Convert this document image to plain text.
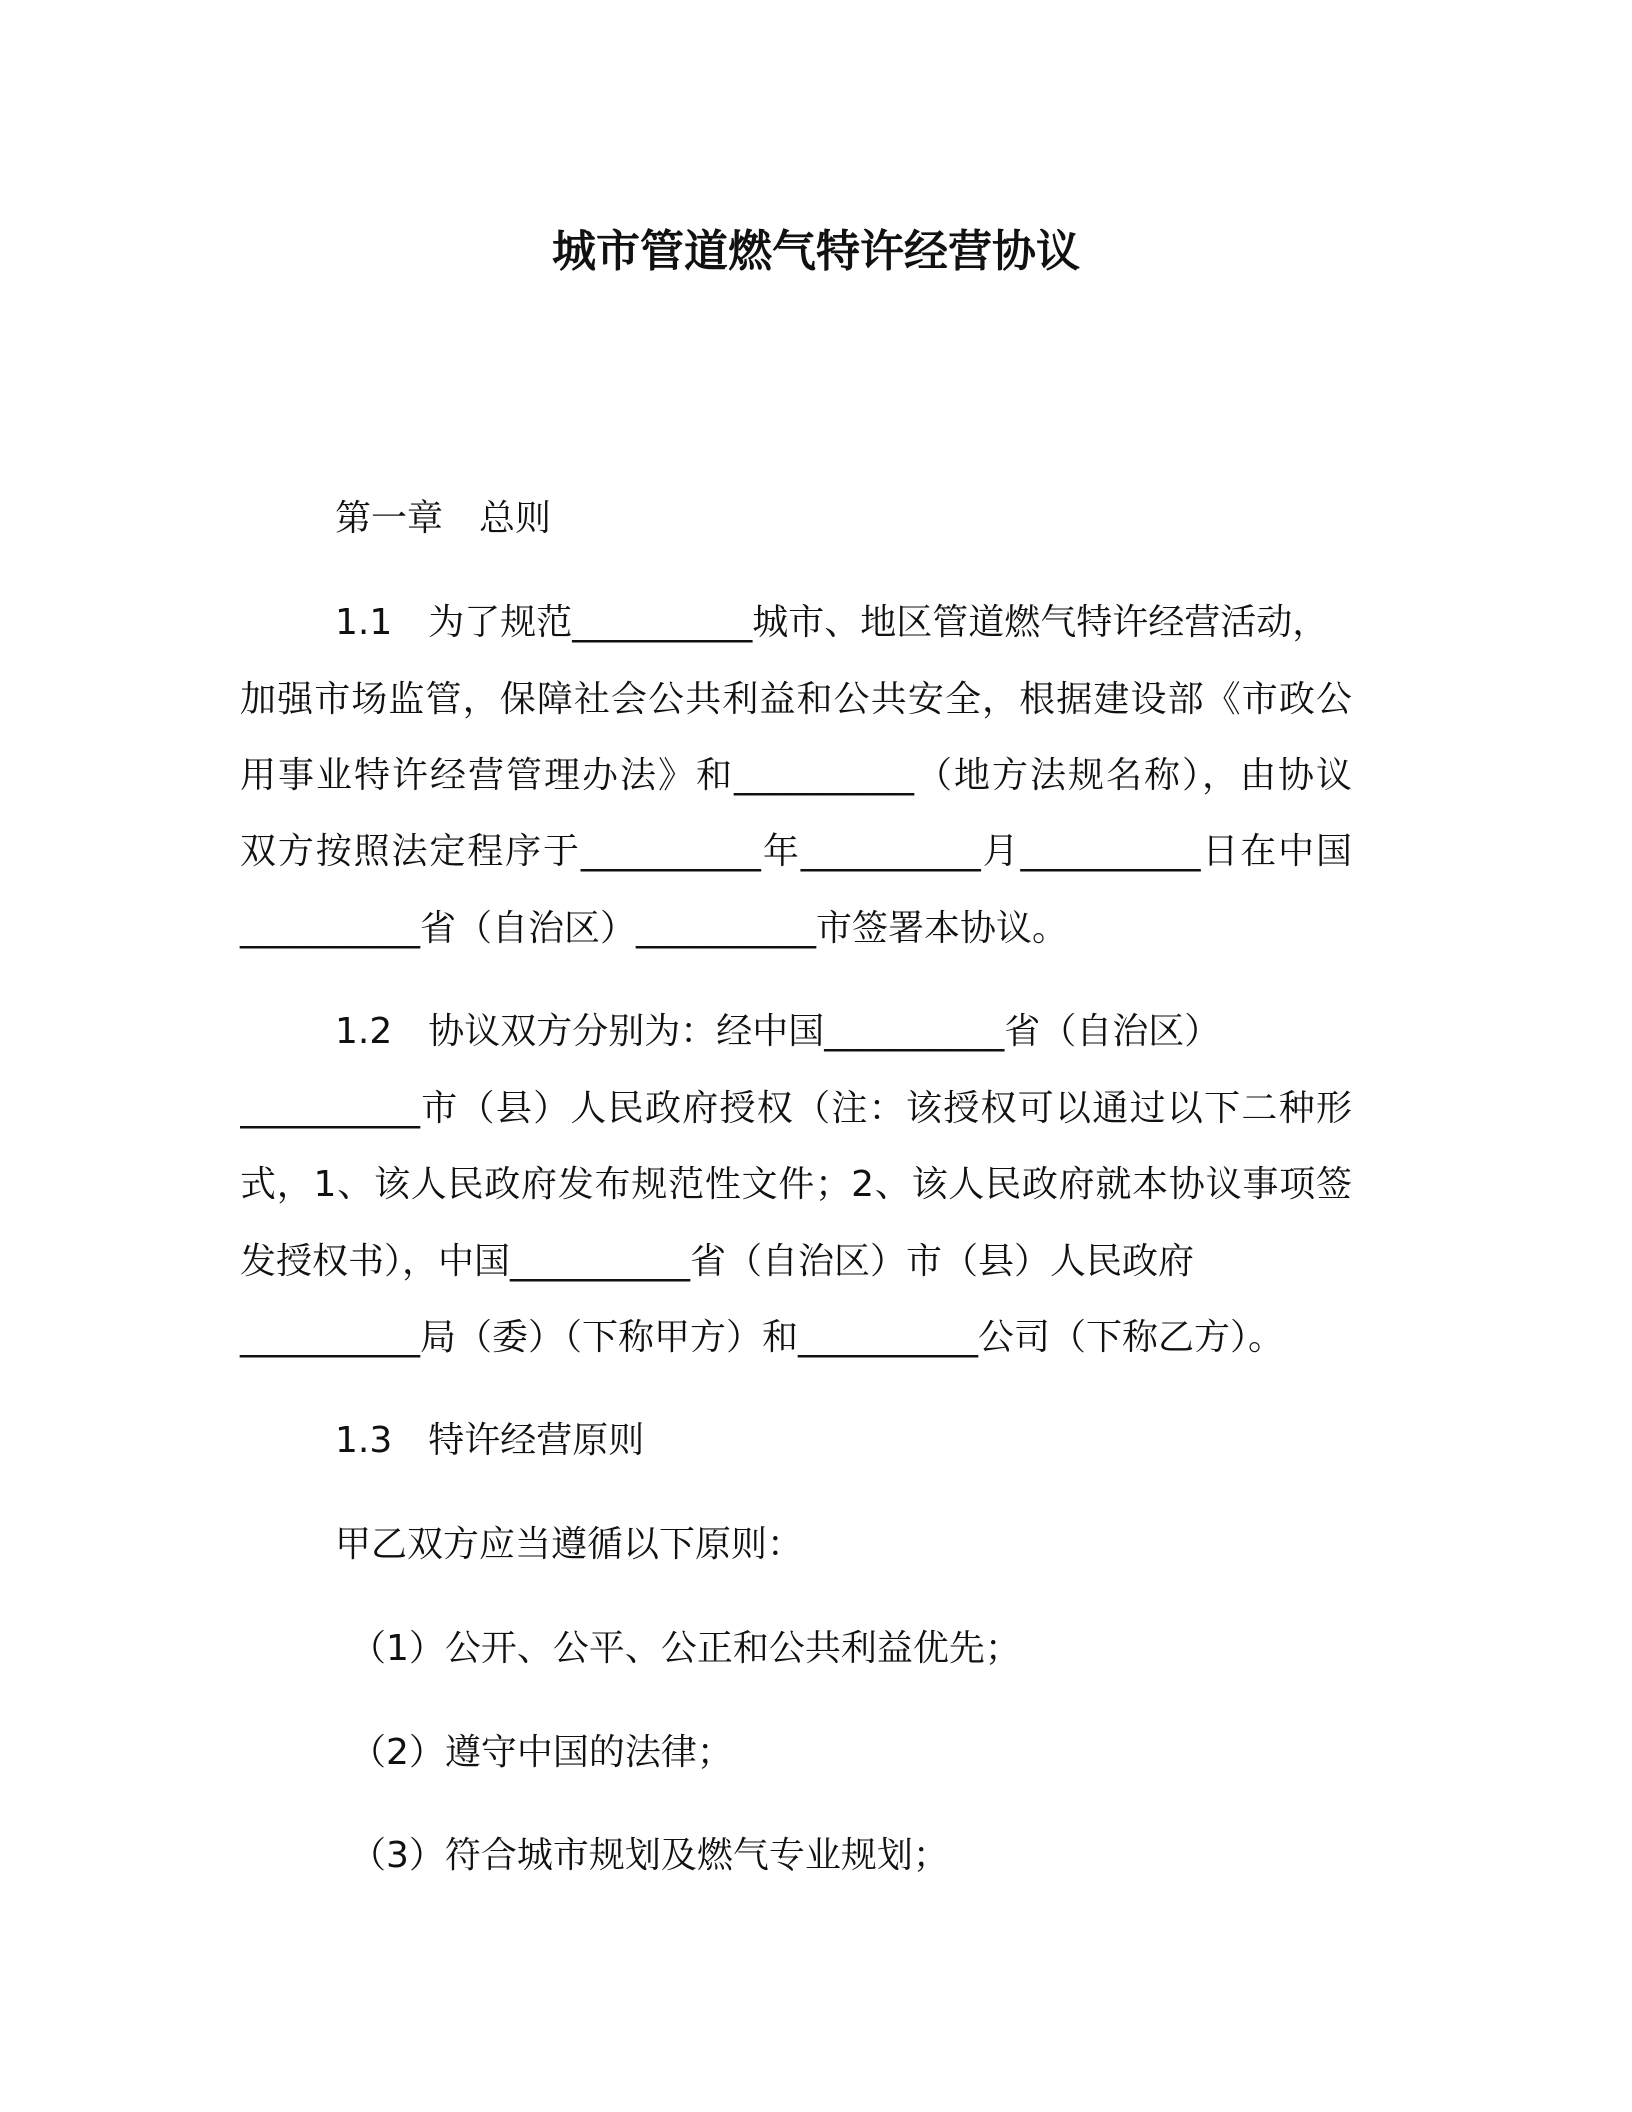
城市管道燃气特许经营协议
第一章　总则
1.1　为了规范__________城市、地区管道燃气特许经营活动，
加强市场监管，保障社会公共利益和公共安全，根据建设部《市政公
用事业特许经营管理办法》和__________（地方法规名称），由协议
双方按照法定程序于__________年__________月__________日在中国
__________省（自治区）__________市签署本协议。
1.2　协议双方分别为：经中国__________省（自治区）
__________市（县）人民政府授权（注：该授权可以通过以下二种形
式，1、该人民政府发布规范性文件；2、该人民政府就本协议事项签
发授权书），中国__________省（自治区）市（县）人民政府
__________局（委）（下称甲方）和__________公司（下称乙方）。
1.3　特许经营原则
甲乙双方应当遵循以下原则：
（1）公开、公平、公正和公共利益优先；
（2）遵守中国的法律；
（3）符合城市规划及燃气专业规划；
